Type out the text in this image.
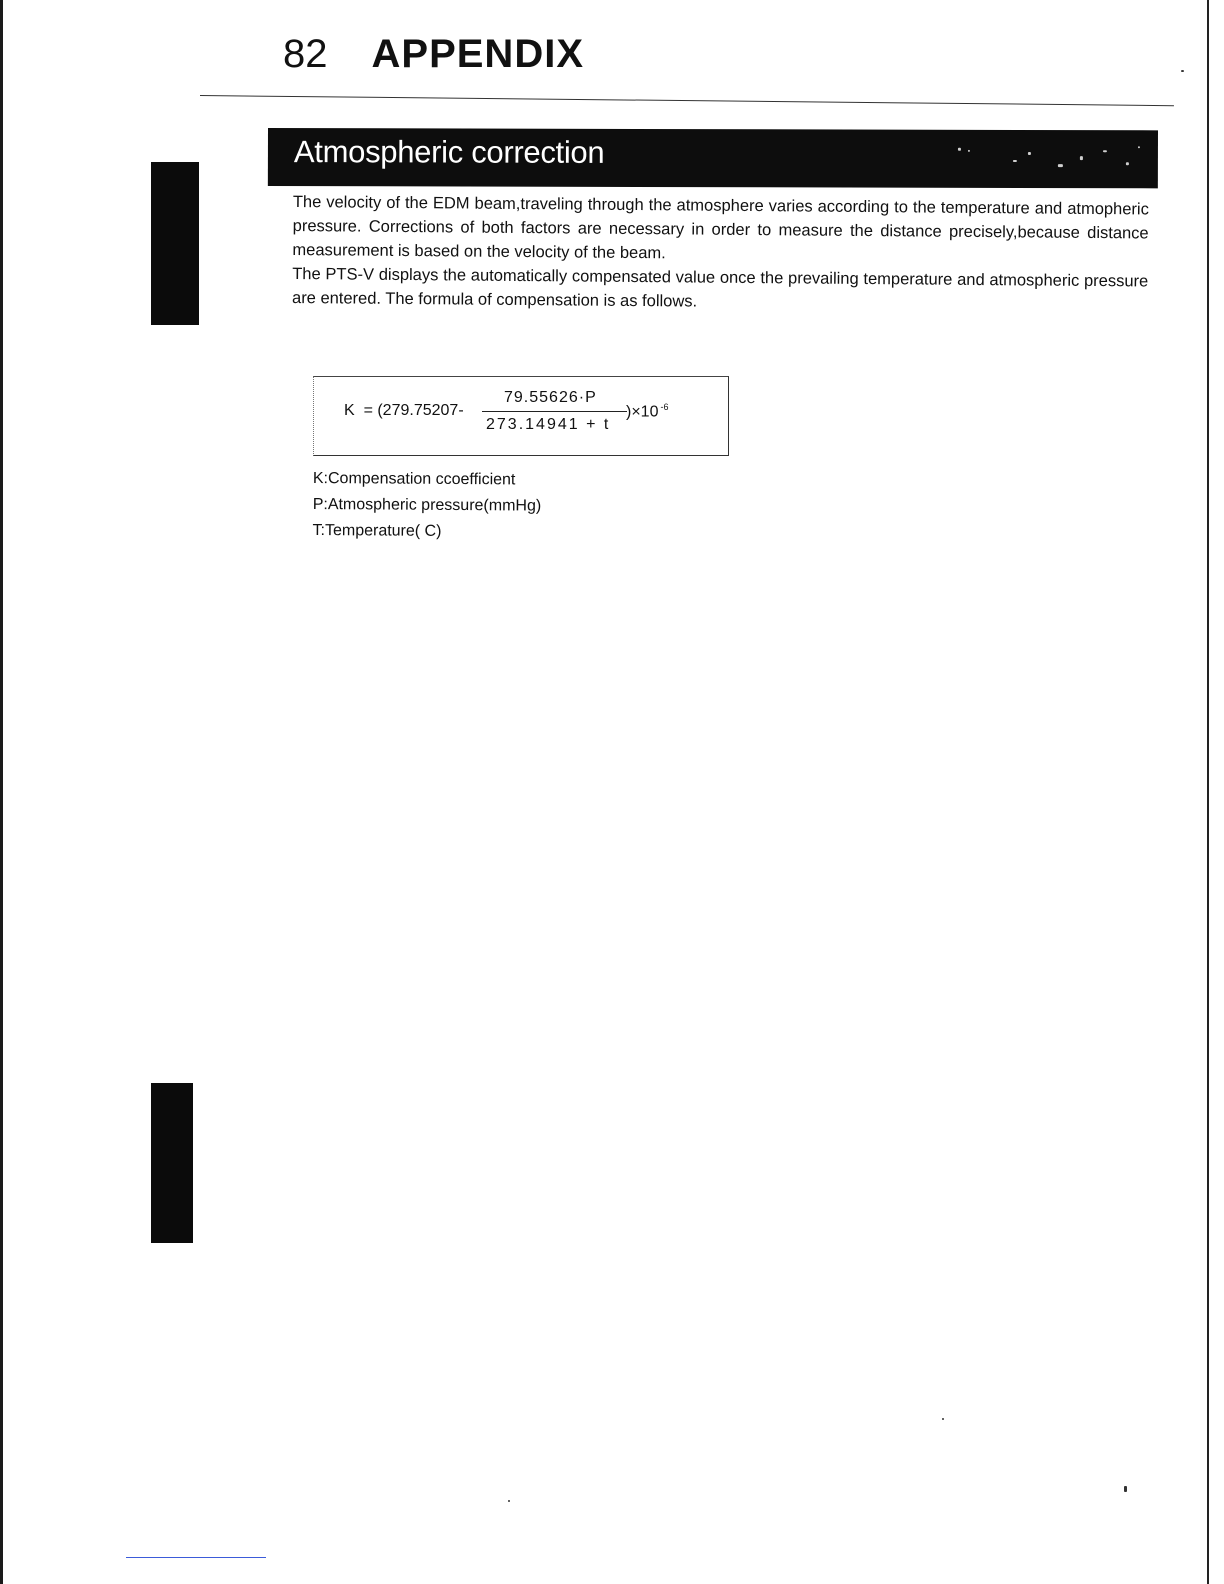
82 APPENDIX
Atmospheric correction

The velocity of the EDM beam,traveling through the atmosphere varies according to the temperature and atmopheric pressure. Corrections of both factors are necessary in order to measure the distance precisely,because distance measurement is based on the velocity of the beam.

The PTS-V displays the automatically compensated value once the prevailing temperature and atmospheric pressure are entered. The formula of compensation is as follows.

K  = (279.75207-
79.55626·P
273.14941 + t
)×10 $^{-6}$
K:Compensation ccoefficient
P:Atmospheric pressure(mmHg)
T:Temperature( C)
